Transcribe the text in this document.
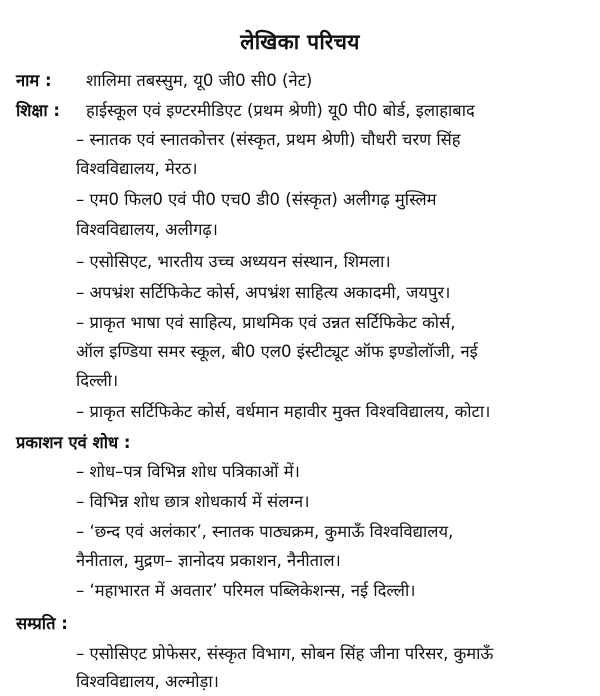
लेखिका परिचय
नाम : शालिमा तबस्सुम, यू0 जी0 सी0 (नेट)
शिक्षा : हाईस्कूल एवं इण्टरमीडिएट (प्रथम श्रेणी) यू0 पी0 बोर्ड, इलाहाबाद
– स्नातक एवं स्नातकोत्तर (संस्कृत, प्रथम श्रेणी) चौधरी चरण सिंह
विश्वविद्यालय, मेरठ।
– एम0 फिल0 एवं पी0 एच0 डी0 (संस्कृत) अलीगढ़ मुस्लिम
विश्वविद्यालय, अलीगढ़।
– एसोसिएट, भारतीय उच्च अध्ययन संस्थान, शिमला।
– अपभ्रंश सर्टिफिकेट कोर्स, अपभ्रंश साहित्य अकादमी, जयपुर।
– प्राकृत भाषा एवं साहित्य, प्राथमिक एवं उन्नत सर्टिफिकेट कोर्स,
ऑल इण्डिया समर स्कूल, बी0 एल0 इंस्टीट्यूट ऑफ इण्डोलॉजी, नई
दिल्ली।
– प्राकृत सर्टिफिकेट कोर्स, वर्धमान महावीर मुक्त विश्वविद्यालय, कोटा।
प्रकाशन एवं शोध :
– शोध–पत्र विभिन्न शोध पत्रिकाओं में।
– विभिन्न शोध छात्र शोधकार्य में संलग्न।
– ‘छन्द एवं अलंकार’, स्नातक पाठ्यक्रम, कुमाऊँ विश्वविद्यालय,
नैनीताल, मुद्रण– ज्ञानोदय प्रकाशन, नैनीताल।
– ‘महाभारत में अवतार’ परिमल पब्लिकेशन्स, नई दिल्ली।
सम्प्रति :
– एसोसिएट प्रोफेसर, संस्कृत विभाग, सोबन सिंह जीना परिसर, कुमाऊँ
विश्वविद्यालय, अल्मोड़ा।
